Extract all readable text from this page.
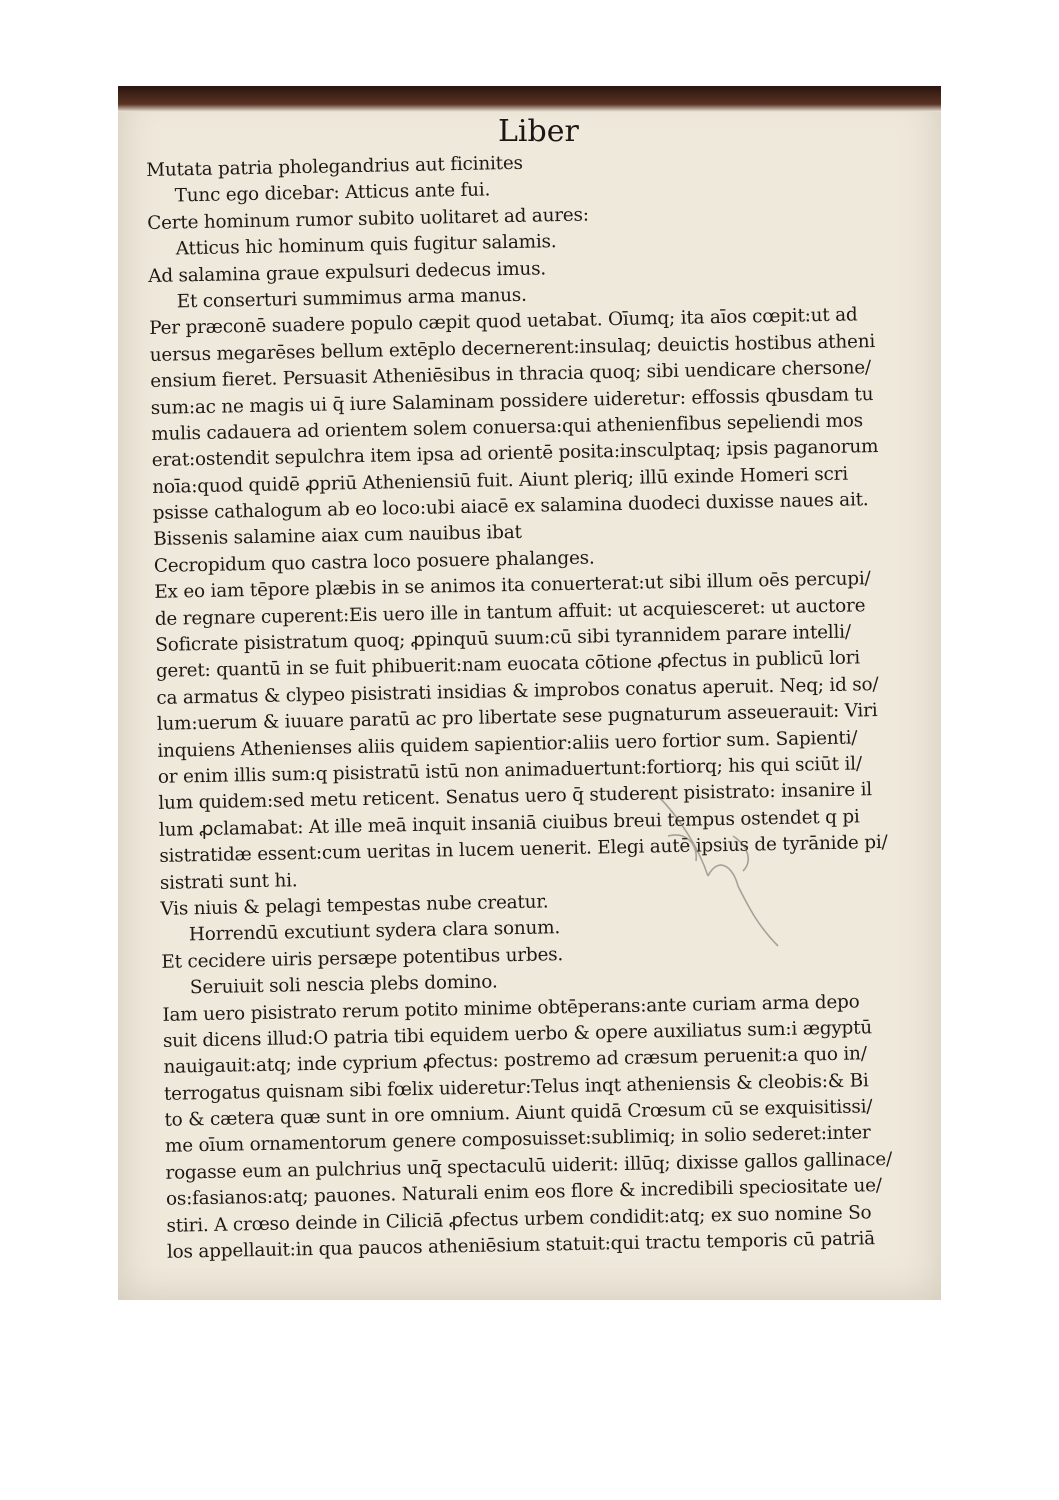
Liber
Mutata patria pholegandrius aut ficinites
Tunc ego dicebar: Atticus ante fui.
Certe hominum rumor subito uolitaret ad aures:
Atticus hic hominum quis fugitur salamis.
Ad salamina graue expulsuri dedecus imus.
Et conserturi summimus arma manus.
Per præconē suadere populo cæpit quod uetabat. Oīumq; ita aīos cœpit:ut ad
uersus megarēses bellum extēplo decernerent:insulaq; deuictis hostibus atheni
ensium fieret. Persuasit Atheniēsibus in thracia quoq; sibi uendicare chersone/
sum:ac ne magis ui q̄ iure Salaminam possidere uideretur: effossis qbusdam tu
mulis cadauera ad orientem solem conuersa:qui athenienfibus sepeliendi mos
erat:ostendit sepulchra item ipsa ad orientē posita:insculptaq; ipsis paganorum
noīa:quod quidē ꝓpriū Atheniensiū fuit. Aiunt pleriq; illū exinde Homeri scri
psisse cathalogum ab eo loco:ubi aiacē ex salamina duodeci duxisse naues ait.
Bissenis salamine aiax cum nauibus ibat
Cecropidum quo castra loco posuere phalanges.
Ex eo iam tēpore plæbis in se animos ita conuerterat:ut sibi illum oēs percupi/
de regnare cuperent:Eis uero ille in tantum affuit: ut acquiesceret: ut auctore
Soficrate pisistratum quoq; ꝓpinquū suum:cū sibi tyrannidem parare intelli/
geret: quantū in se fuit phibuerit:nam euocata cōtione ꝓfectus in publicū lori
ca armatus & clypeo pisistrati insidias & improbos conatus aperuit. Neq; id so/
lum:uerum & iuuare paratū ac pro libertate sese pugnaturum asseuerauit: Viri
inquiens Athenienses aliis quidem sapientior:aliis uero fortior sum. Sapienti/
or enim illis sum:q pisistratū istū non animaduertunt:fortiorq; his qui sciūt il/
lum quidem:sed metu reticent. Senatus uero q̄ studerent pisistrato: insanire il
lum ꝓclamabat: At ille meā inquit insaniā ciuibus breui tempus ostendet q pi
sistratidæ essent:cum ueritas in lucem uenerit. Elegi autē ipsius de tyrānide pi/
sistrati sunt hi.
Vis niuis & pelagi tempestas nube creatur.
Horrendū excutiunt sydera clara sonum.
Et cecidere uiris persæpe potentibus urbes.
Seruiuit soli nescia plebs domino.
Iam uero pisistrato rerum potito minime obtēperans:ante curiam arma depo
suit dicens illud:O patria tibi equidem uerbo & opere auxiliatus sum:i ægyptū
nauigauit:atq; inde cyprium ꝓfectus: postremo ad cræsum peruenit:a quo in/
terrogatus quisnam sibi fœlix uideretur:Telus inqt atheniensis & cleobis:& Bi
to & cætera quæ sunt in ore omnium. Aiunt quidā Crœsum cū se exquisitissi/
me oīum ornamentorum genere composuisset:sublimiq; in solio sederet:inter
rogasse eum an pulchrius unq̄ spectaculū uiderit: illūq; dixisse gallos gallinace/
os:fasianos:atq; pauones. Naturali enim eos flore & incredibili speciositate ue/
stiri. A crœso deinde in Ciliciā ꝓfectus urbem condidit:atq; ex suo nomine So
los appellauit:in qua paucos atheniēsium statuit:qui tractu temporis cū patriā
